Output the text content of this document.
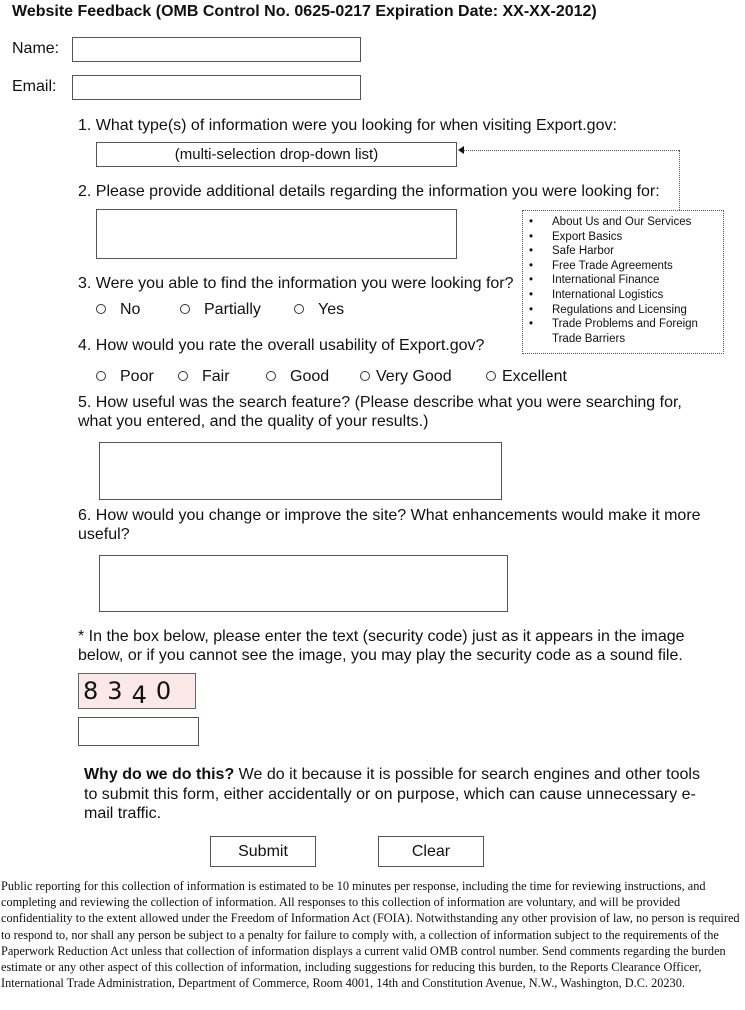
Website Feedback (OMB Control No. 0625-0217 Expiration Date: XX-XX-2012)
Name:
Email:
1. What type(s) of information were you looking for when visiting Export.gov:
(multi-selection drop-down list)
• About Us and Our Services
• Export Basics
• Safe Harbor
• Free Trade Agreements
• International Finance
• International Logistics
• Regulations and Licensing
• Trade Problems and Foreign
Trade Barriers
2. Please provide additional details regarding the information you were looking for:
3. Were you able to find the information you were looking for?
No	Partially	Yes
4. How would you rate the overall usability of Export.gov?
Poor	Fair	Good	Very Good	Excellent
5. How useful was the search feature? (Please describe what you were searching for, what you entered, and the quality of your results.)
6. How would you change or improve the site? What enhancements would make it more useful?
* In the box below, please enter the text (security code) just as it appears in the image below, or if you cannot see the image, you may play the security code as a sound file.
8 3 4 0
Why do we do this? We do it because it is possible for search engines and other tools to submit this form, either accidentally or on purpose, which can cause unnecessary e-mail traffic.
Submit	Clear
Public reporting for this collection of information is estimated to be 10 minutes per response, including the time for reviewing instructions, and completing and reviewing the collection of information. All responses to this collection of information are voluntary, and will be provided confidentiality to the extent allowed under the Freedom of Information Act (FOIA). Notwithstanding any other provision of law, no person is required to respond to, nor shall any person be subject to a penalty for failure to comply with, a collection of information subject to the requirements of the Paperwork Reduction Act unless that collection of information displays a current valid OMB control number. Send comments regarding the burden estimate or any other aspect of this collection of information, including suggestions for reducing this burden, to the Reports Clearance Officer, International Trade Administration, Department of Commerce, Room 4001, 14th and Constitution Avenue, N.W., Washington, D.C. 20230.
